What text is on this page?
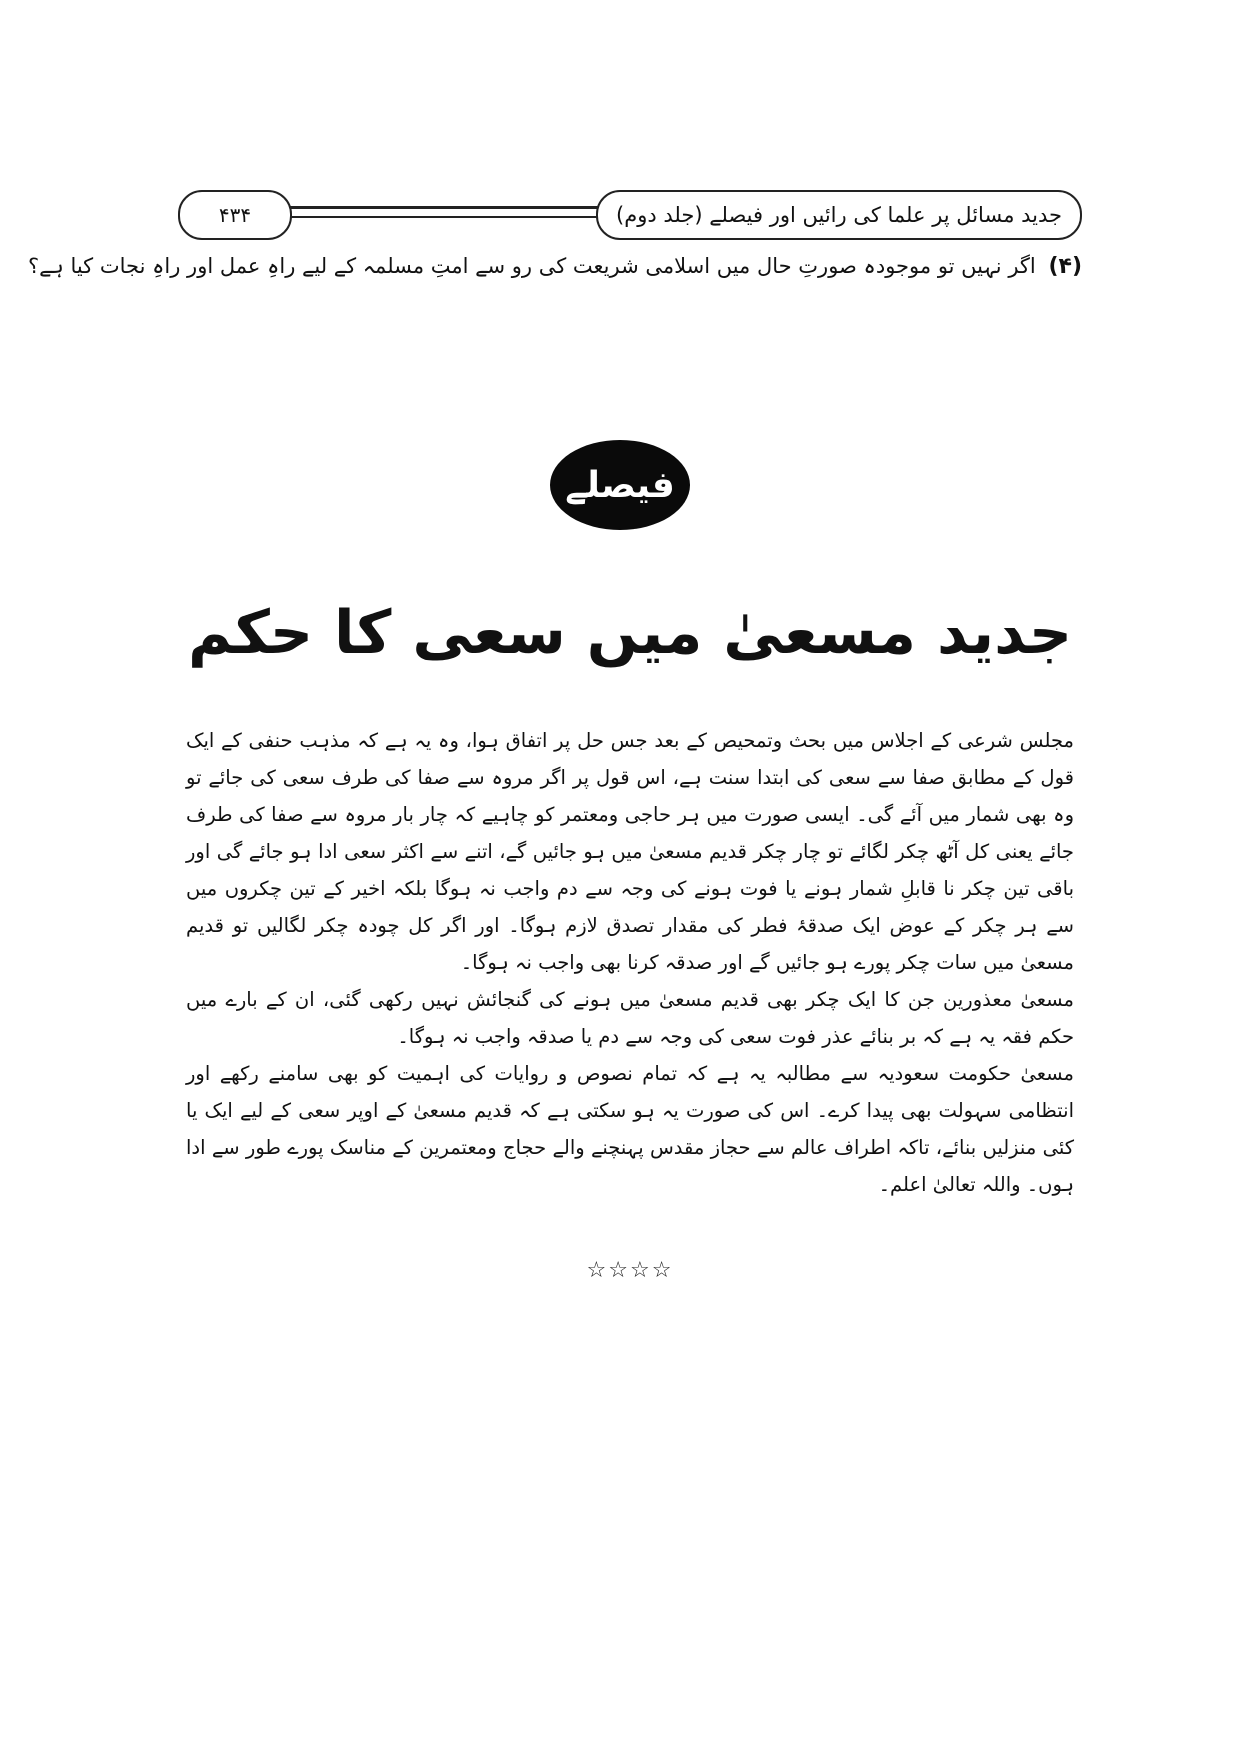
جدید مسائل پر علما کی رائیں اور فیصلے (جلد دوم)
۴۳۴
(۴) اگر نہیں تو موجودہ صورتِ حال میں اسلامی شریعت کی رو سے امتِ مسلمہ کے لیے راہِ عمل اور راہِ نجات کیا ہے؟
فیصلے
جدید مسعیٰ میں سعی کا حکم

مجلس شرعی کے اجلاس میں بحث وتمحیص کے بعد جس حل پر اتفاق ہوا، وہ یہ ہے کہ مذہب حنفی کے ایک قول کے مطابق صفا سے سعی کی ابتدا سنت ہے، اس قول پر اگر مروہ سے صفا کی طرف سعی کی جائے تو وہ بھی شمار میں آئے گی۔ ایسی صورت میں ہر حاجی ومعتمر کو چاہیے کہ چار بار مروہ سے صفا کی طرف جائے یعنی کل آٹھ چکر لگائے تو چار چکر قدیم مسعیٰ میں ہو جائیں گے، اتنے سے اکثر سعی ادا ہو جائے گی اور باقی تین چکر نا قابلِ شمار ہونے یا فوت ہونے کی وجہ سے دم واجب نہ ہوگا بلکہ اخیر کے تین چکروں میں سے ہر چکر کے عوض ایک صدقۂ فطر کی مقدار تصدق لازم ہوگا۔ اور اگر کل چودہ چکر لگالیں تو قدیم مسعیٰ میں سات چکر پورے ہو جائیں گے اور صدقہ کرنا بھی واجب نہ ہوگا۔

مسعیٰ معذورین جن کا ایک چکر بھی قدیم مسعیٰ میں ہونے کی گنجائش نہیں رکھی گئی، ان کے بارے میں حکم فقہ یہ ہے کہ بر بنائے عذر فوت سعی کی وجہ سے دم یا صدقہ واجب نہ ہوگا۔

مسعیٰ حکومت سعودیہ سے مطالبہ یہ ہے کہ تمام نصوص و روایات کی اہمیت کو بھی سامنے رکھے اور انتظامی سہولت بھی پیدا کرے۔ اس کی صورت یہ ہو سکتی ہے کہ قدیم مسعیٰ کے اوپر سعی کے لیے ایک یا کئی منزلیں بنائے، تاکہ اطراف عالم سے حجاز مقدس پہنچنے والے حجاج ومعتمرین کے مناسک پورے طور سے ادا ہوں۔ واللہ تعالیٰ اعلم۔

☆☆☆☆
